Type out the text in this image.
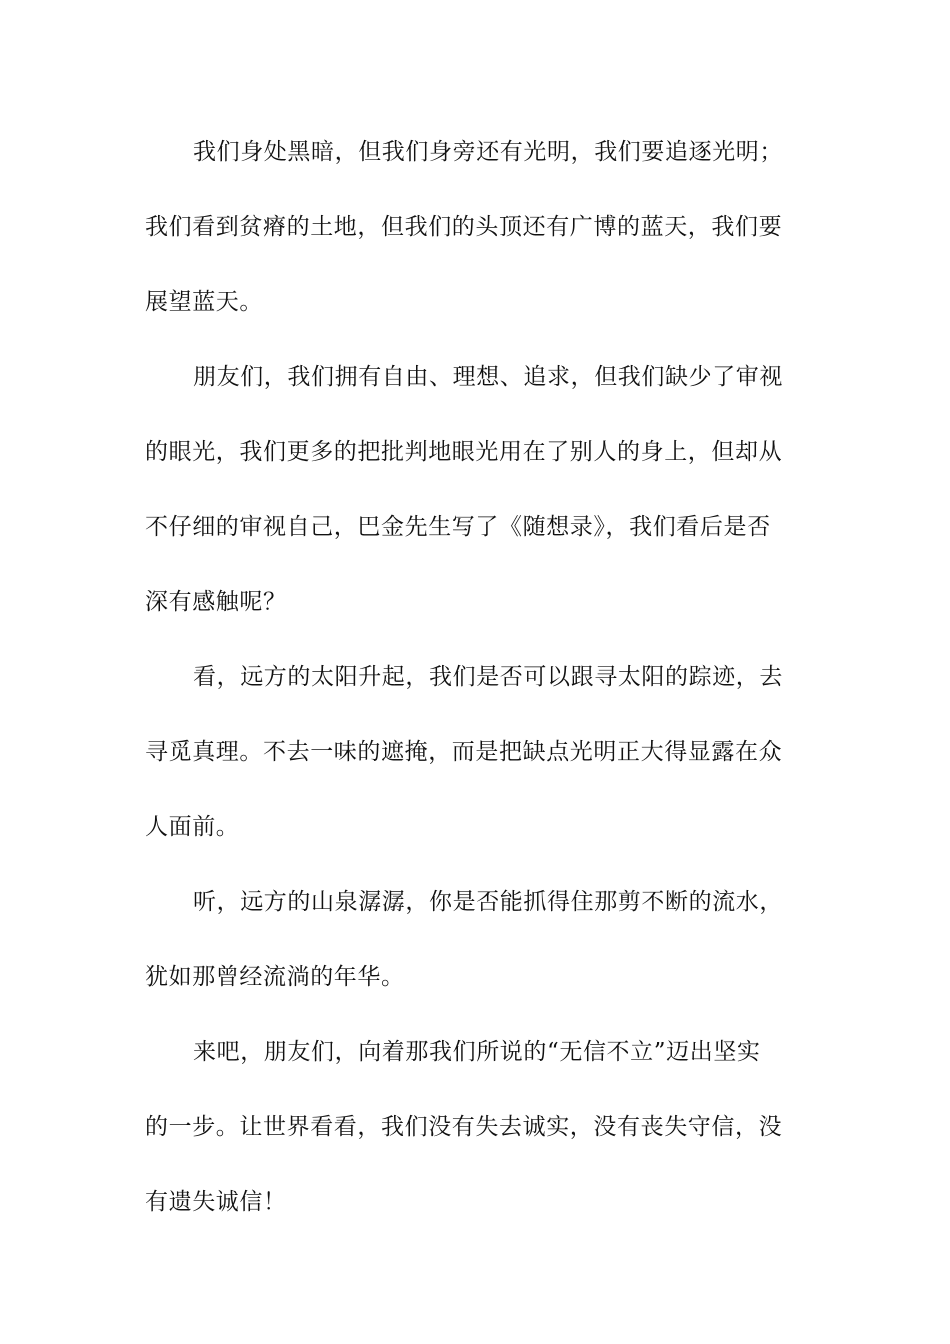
我们身处黑暗，但我们身旁还有光明，我们要追逐光明；
我们看到贫瘠的土地，但我们的头顶还有广博的蓝天，我们要
展望蓝天。
朋友们，我们拥有自由、理想、追求，但我们缺少了审视
的眼光，我们更多的把批判地眼光用在了别人的身上，但却从
不仔细的审视自己，巴金先生写了《随想录》，我们看后是否
深有感触呢？
看，远方的太阳升起，我们是否可以跟寻太阳的踪迹，去
寻觅真理。不去一味的遮掩，而是把缺点光明正大得显露在众
人面前。
听，远方的山泉潺潺，你是否能抓得住那剪不断的流水，
犹如那曾经流淌的年华。
来吧，朋友们，向着那我们所说的“无信不立”迈出坚实
的一步。让世界看看，我们没有失去诚实，没有丧失守信，没
有遗失诚信！
